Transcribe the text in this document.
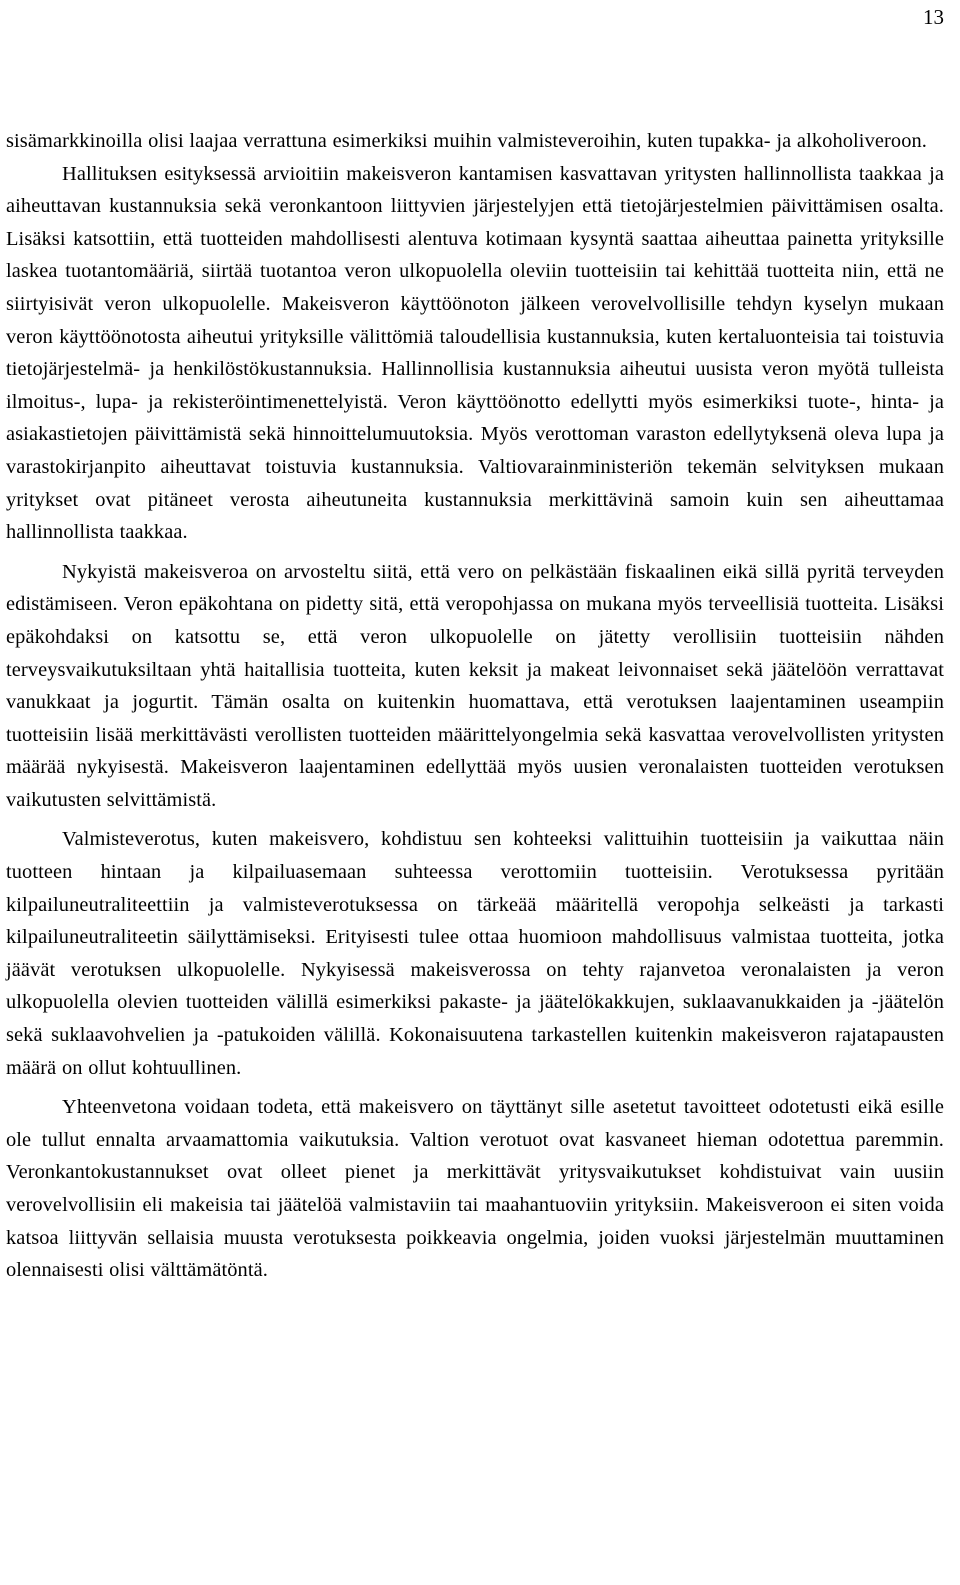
13

sisämarkkinoilla olisi laajaa verrattuna esimerkiksi muihin valmisteveroihin, kuten tupakka- ja alkoholiveroon.

Hallituksen esityksessä arvioitiin makeisveron kantamisen kasvattavan yritysten hallinnollista taakkaa ja aiheuttavan kustannuksia sekä veronkantoon liittyvien järjestelyjen että tietojärjestelmien päivittämisen osalta. Lisäksi katsottiin, että tuotteiden mahdollisesti alentuva kotimaan kysyntä saattaa aiheuttaa painetta yrityksille laskea tuotantomääriä, siirtää tuotantoa veron ulkopuolella oleviin tuotteisiin tai kehittää tuotteita niin, että ne siirtyisivät veron ulkopuolelle. Makeisveron käyttöönoton jälkeen verovelvollisille tehdyn kyselyn mukaan veron käyttöönotosta aiheutui yrityksille välittömiä taloudellisia kustannuksia, kuten kertaluonteisia tai toistuvia tietojärjestelmä- ja henkilöstökustannuksia. Hallinnollisia kustannuksia aiheutui uusista veron myötä tulleista ilmoitus-, lupa- ja rekisteröintimenettelyistä. Veron käyttöönotto edellytti myös esimerkiksi tuote-, hinta- ja asiakastietojen päivittämistä sekä hinnoittelumuutoksia. Myös verottoman varaston edellytyksenä oleva lupa ja varastokirjanpito aiheuttavat toistuvia kustannuksia. Valtiovarainministeriön tekemän selvityksen mukaan yritykset ovat pitäneet verosta aiheutuneita kustannuksia merkittävinä samoin kuin sen aiheuttamaa hallinnollista taakkaa.

Nykyistä makeisveroa on arvosteltu siitä, että vero on pelkästään fiskaalinen eikä sillä pyritä terveyden edistämiseen. Veron epäkohtana on pidetty sitä, että veropohjassa on mukana myös terveellisiä tuotteita. Lisäksi epäkohdaksi on katsottu se, että veron ulkopuolelle on jätetty verollisiin tuotteisiin nähden terveysvaikutuksiltaan yhtä haitallisia tuotteita, kuten keksit ja makeat leivonnaiset sekä jäätelöön verrattavat vanukkaat ja jogurtit. Tämän osalta on kuitenkin huomattava, että verotuksen laajentaminen useampiin tuotteisiin lisää merkittävästi verollisten tuotteiden määrittelyongelmia sekä kasvattaa verovelvollisten yritysten määrää nykyisestä. Makeisveron laajentaminen edellyttää myös uusien veronalaisten tuotteiden verotuksen vaikutusten selvittämistä.

Valmisteverotus, kuten makeisvero, kohdistuu sen kohteeksi valittuihin tuotteisiin ja vaikuttaa näin tuotteen hintaan ja kilpailuasemaan suhteessa verottomiin tuotteisiin. Verotuksessa pyritään kilpailuneutraliteettiin ja valmisteverotuksessa on tärkeää määritellä veropohja selkeästi ja tarkasti kilpailuneutraliteetin säilyttämiseksi. Erityisesti tulee ottaa huomioon mahdollisuus valmistaa tuotteita, jotka jäävät verotuksen ulkopuolelle. Nykyisessä makeisverossa on tehty rajanvetoa veronalaisten ja veron ulkopuolella olevien tuotteiden välillä esimerkiksi pakaste- ja jäätelökakkujen, suklaavanukkaiden ja -jäätelön sekä suklaavohvelien ja -patukoiden välillä. Kokonaisuutena tarkastellen kuitenkin makeisveron rajatapausten määrä on ollut kohtuullinen.

Yhteenvetona voidaan todeta, että makeisvero on täyttänyt sille asetetut tavoitteet odotetusti eikä esille ole tullut ennalta arvaamattomia vaikutuksia. Valtion verotuot ovat kasvaneet hieman odotettua paremmin. Veronkantokustannukset ovat olleet pienet ja merkittävät yritysvaikutukset kohdistuivat vain uusiin verovelvollisiin eli makeisia tai jäätelöä valmistaviin tai maahantuoviin yrityksiin. Makeisveroon ei siten voida katsoa liittyvän sellaisia muusta verotuksesta poikkeavia ongelmia, joiden vuoksi järjestelmän muuttaminen olennaisesti olisi välttämätöntä.
